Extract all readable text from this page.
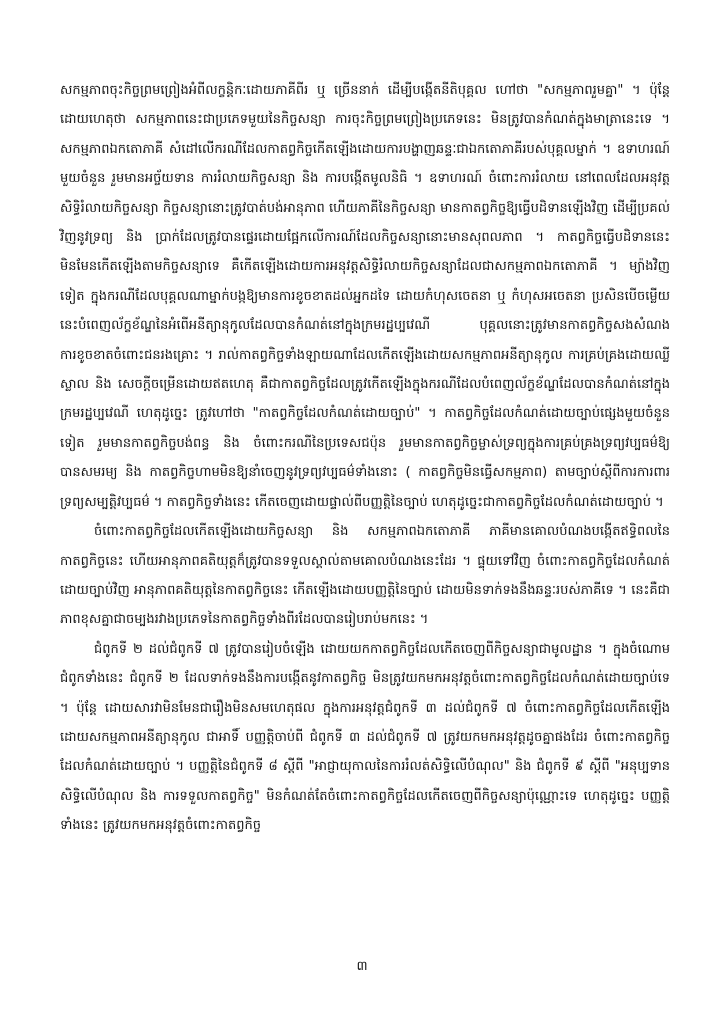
សកម្មភាពចុះកិច្ចព្រមព្រៀងអំពីលក្ខន្តិកៈដោយភាគីពីរ ឬ ច្រើននាក់ ដើម្បីបង្កើតនីតិបុគ្គល ហៅថា "សកម្មភាពរួមគ្នា" ។ ប៉ុន្តែ ដោយហេតុថា សកម្មភាពនេះជាប្រភេទមួយនៃកិច្ចសន្យា ការចុះកិច្ចព្រមព្រៀងប្រភេទនេះ មិនត្រូវបានកំណត់ក្នុងមាត្រានេះទេ ។ សកម្មភាពឯកតោភាគី សំដៅលើករណីដែលកាតព្វកិច្ចកើតឡើងដោយការបង្ហាញឆន្ទៈជាឯកតោភាគីរបស់បុគ្គលម្នាក់ ។ ឧទាហរណ៍មួយចំនួន រួមមានអច្ច័យទាន ការរំលាយកិច្ចសន្យា និង ការបង្កើតមូលនិធិ ។ ឧទាហរណ៍ ចំពោះការរំលាយ នៅពេលដែលអនុវត្តសិទ្ធិរំលាយកិច្ចសន្យា កិច្ចសន្យានោះត្រូវបាត់បង់អានុភាព ហើយភាគីនៃកិច្ចសន្យា មានកាតព្វកិច្ចឱ្យធ្វើបដិទានឡើងវិញ ដើម្បីប្រគល់វិញនូវទ្រព្យ និង ប្រាក់ដែលត្រូវបានផ្ទេរដោយផ្អែកលើការណ៍ដែលកិច្ចសន្យានោះមានសុពលភាព ។ កាតព្វកិច្ចធ្វើបដិទាននេះ មិនមែនកើតឡើងតាមកិច្ចសន្យាទេ គឺកើតឡើងដោយការអនុវត្តសិទ្ធិរំលាយកិច្ចសន្យាដែលជាសកម្មភាពឯកតោភាគី ។ ម្យ៉ាងវិញទៀត ក្នុងករណីដែលបុគ្គលណាម្នាក់បង្កឱ្យមានការខូចខាតដល់អ្នកដទៃ ដោយកំហុសចេតនា ឬ កំហុសអចេតនា ប្រសិនបើចម្លើយនេះបំពេញល័ក្ខខ័ណ្ឌនៃអំពើអនីត្យានុកូលដែលបានកំណត់នៅក្នុងក្រមរដ្ឋប្បវេណី បុគ្គលនោះត្រូវមានកាតព្វកិច្ចសងសំណងការខូចខាតចំពោះជនរងគ្រោះ ។ រាល់កាតព្វកិច្ចទាំងឡាយណាដែលកើតឡើងដោយសកម្មភាពអនីត្យានុកូល ការគ្រប់គ្រងដោយឈ្លីស្លាល និង សេចក្ដីចម្រើនដោយឥតហេតុ គឺជាកាតព្វកិច្ចដែលត្រូវកើតឡើងក្នុងករណីដែលបំពេញល័ក្ខខ័ណ្ឌដែលបានកំណត់នៅក្នុងក្រមរដ្ឋប្បវេណី ហេតុដូច្នេះ ត្រូវហៅថា "កាតព្វកិច្ចដែលកំណត់ដោយច្បាប់" ។ កាតព្វកិច្ចដែលកំណត់ដោយច្បាប់ផ្សេងមួយចំនួនទៀត រួមមានកាតព្វកិច្ចបង់ពន្ធ និង ចំពោះករណីនៃប្រទេសជប៉ុន រួមមានកាតព្វកិច្ចម្ចាស់ទ្រព្យក្នុងការគ្រប់គ្រងទ្រព្យវប្បធម៌ឱ្យបានសមរម្យ និង កាតព្វកិច្ចហាមមិនឱ្យនាំចេញនូវទ្រព្យវប្បធម៌ទាំងនោះ ( កាតព្វកិច្ចមិនធ្វើសកម្មភាព) តាមច្បាប់ស្ដីពីការការពារទ្រព្យសម្បត្តិវប្បធម៌ ។ កាតព្វកិច្ចទាំងនេះ កើតចេញដោយផ្ទាល់ពីបញ្ញត្តិនៃច្បាប់ ហេតុដូច្នេះជាកាតព្វកិច្ចដែលកំណត់ដោយច្បាប់ ។

ចំពោះកាតព្វកិច្ចដែលកើតឡើងដោយកិច្ចសន្យា និង សកម្មភាពឯកតោភាគី ភាគីមានគោលបំណងបង្កើតឥទ្ធិពលនៃកាតព្វកិច្ចនេះ ហើយអានុភាពគតិយុត្តក៏ត្រូវបានទទួលស្គាល់តាមគោលបំណងនេះដែរ ។ ផ្ទុយទៅវិញ ចំពោះកាតព្វកិច្ចដែលកំណត់ដោយច្បាប់វិញ អានុភាពគតិយុត្តនៃកាតព្វកិច្ចនេះ កើតឡើងដោយបញ្ញត្តិនៃច្បាប់ ដោយមិនទាក់ទងនឹងឆន្ទៈរបស់ភាគីទេ ។ នេះគឺជាភាពខុសគ្នាជាចម្បងរវាងប្រភេទនៃកាតព្វកិច្ចទាំងពីរដែលបានរៀបរាប់មកនេះ ។

ជំពូកទី ២ ដល់ជំពូកទី ៧ ត្រូវបានរៀបចំឡើង ដោយយកកាតព្វកិច្ចដែលកើតចេញពីកិច្ចសន្យាជាមូលដ្ឋាន ។ ក្នុងចំណោមជំពូកទាំងនេះ ជំពូកទី ២ ដែលទាក់ទងនឹងការបង្កើតនូវកាតព្វកិច្ច មិនត្រូវយកមកអនុវត្តចំពោះកាតព្វកិច្ចដែលកំណត់ដោយច្បាប់ទេ ។ ប៉ុន្តែ ដោយសារវាមិនមែនជារឿងមិនសមហេតុផល ក្នុងការអនុវត្តជំពូកទី ៣ ដល់ជំពូកទី ៧ ចំពោះកាតព្វកិច្ចដែលកើតឡើងដោយសកម្មភាពអនីត្យានុកូល ជាអាទិ៍ បញ្ញត្តិចាប់ពី ជំពូកទី ៣ ដល់ជំពូកទី ៧ ត្រូវយកមកអនុវត្តដូចគ្នាផងដែរ ចំពោះកាតព្វកិច្ចដែលកំណត់ដោយច្បាប់ ។ បញ្ញត្តិនៃជំពូកទី ៨ ស្ដីពី "អាជ្ញាយុកាលនៃការរំលត់សិទ្ធិលើបំណុល" និង ជំពូកទី ៩ ស្ដីពី "អនុប្បទានសិទ្ធិលើបំណុល និង ការទទួលកាតព្វកិច្ច" មិនកំណត់តែចំពោះកាតព្វកិច្ចដែលកើតចេញពីកិច្ចសន្យាប៉ុណ្ណោះទេ ហេតុដូច្នេះ បញ្ញត្តិទាំងនេះ ត្រូវយកមកអនុវត្តចំពោះកាតព្វកិច្ច

៣
